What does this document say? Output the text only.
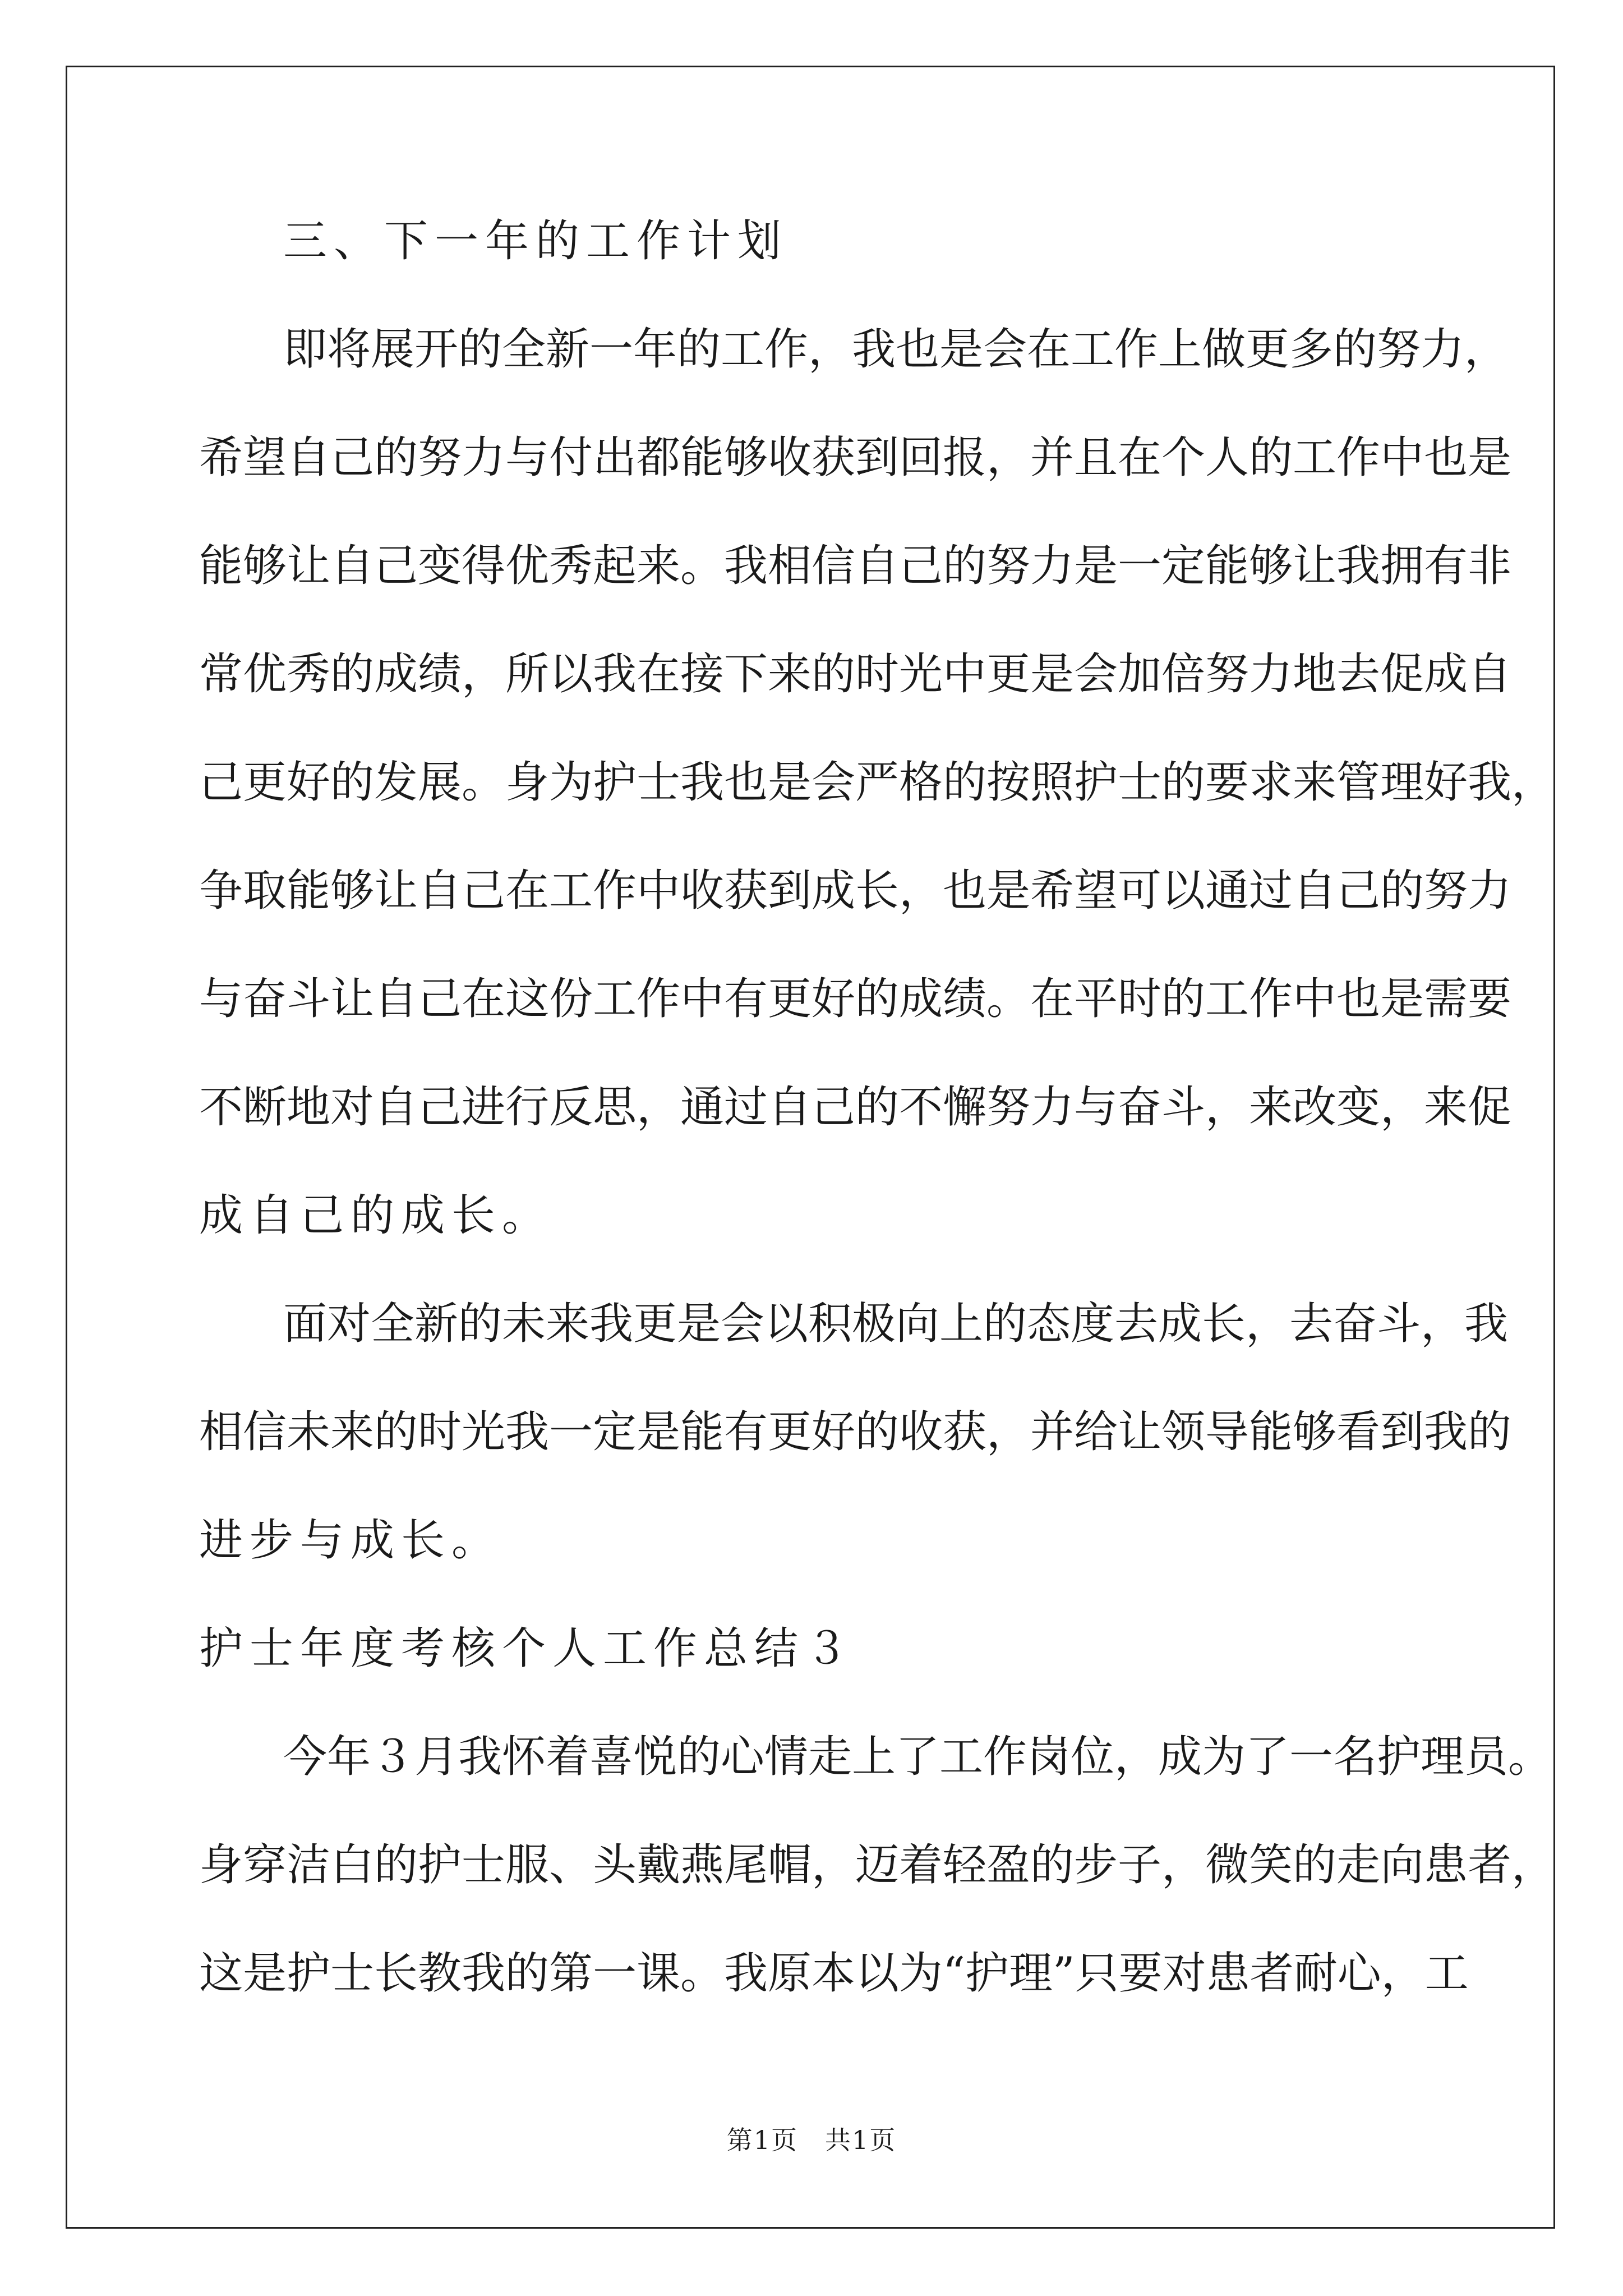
三、下一年的工作计划
即将展开的全新一年的工作，我也是会在工作上做更多的努力，
希望自己的努力与付出都能够收获到回报，并且在个人的工作中也是
能够让自己变得优秀起来。我相信自己的努力是一定能够让我拥有非
常优秀的成绩，所以我在接下来的时光中更是会加倍努力地去促成自
己更好的发展。身为护士我也是会严格的按照护士的要求来管理好我，
争取能够让自己在工作中收获到成长，也是希望可以通过自己的努力
与奋斗让自己在这份工作中有更好的成绩。在平时的工作中也是需要
不断地对自己进行反思，通过自己的不懈努力与奋斗，来改变，来促
成自己的成长。
面对全新的未来我更是会以积极向上的态度去成长，去奋斗，我
相信未来的时光我一定是能有更好的收获，并给让领导能够看到我的
进步与成长。
护士年度考核个人工作总结３
今年３月我怀着喜悦的心情走上了工作岗位，成为了一名护理员。
身穿洁白的护士服、头戴燕尾帽，迈着轻盈的步子，微笑的走向患者，
这是护士长教我的第一课。我原本以为“护理”只要对患者耐心，工
第1页　共1页
